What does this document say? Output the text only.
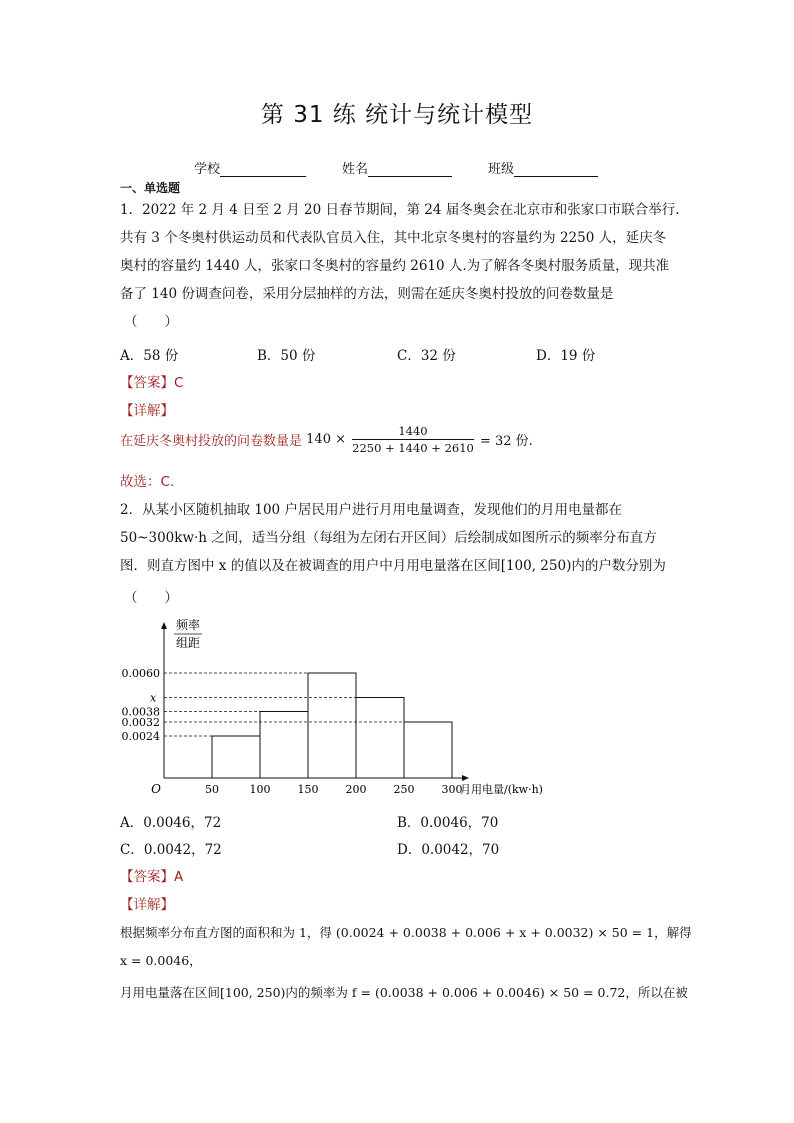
第 31 练 统计与统计模型
学校	姓名	班级
一、单选题
1．2022 年 2 月 4 日至 2 月 20 日春节期间，第 24 届冬奥会在北京市和张家口市联合举行.
共有 3 个冬奥村供运动员和代表队官员入住，其中北京冬奥村的容量约为 2250 人，延庆冬
奥村的容量约 1440 人，张家口冬奥村的容量约 2610 人.为了解各冬奥村服务质量，现共准
备了 140 份调查问卷，采用分层抽样的方法，则需在延庆冬奥村投放的问卷数量是
（　　）
A．58 份	B．50 份	C．32 份	D．19 份
【答案】C
【详解】
在延庆冬奥村投放的问卷数量是 $140 \times \frac{1440}{2250 + 1440 + 2610} = 32$ 份.
故选：C.
2．从某小区随机抽取 100 户居民用户进行月用电量调查，发现他们的月用电量都在
50~300kw·h 之间，适当分组（每组为左闭右开区间）后绘制成如图所示的频率分布直方
图．则直方图中 x 的值以及在被调查的用户中月用电量落在区间[100, 250)内的户数分别为
（　　）
0.0060
x
0.0038
0.0032
0.0024
50	100 150 200 250 300
O	月用电量/(kw·h)
频率
组距
A．0.0046，72	B．0.0046，70
C．0.0042，72	D．0.0042，70
【答案】A
【详解】
根据频率分布直方图的面积和为 1，得 (0.0024 + 0.0038 + 0.006 + x + 0.0032) × 50 = 1，解得
x = 0.0046，
月用电量落在区间[100, 250)内的频率为 f = (0.0038 + 0.006 + 0.0046) × 50 = 0.72，所以在被
